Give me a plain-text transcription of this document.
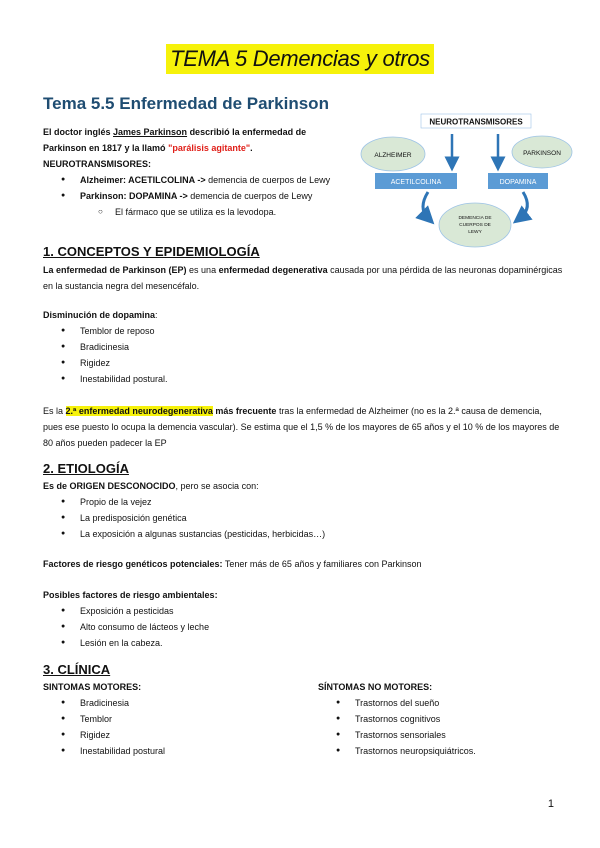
TEMA 5 Demencias y otros
Tema 5.5 Enfermedad de Parkinson
El doctor inglés James Parkinson describió la enfermedad de Parkinson en 1817 y la llamó "parálisis agitante".
NEUROTRANSMISORES:
● Alzheimer: ACETILCOLINA -> demencia de cuerpos de Lewy
● Parkinson: DOPAMINA -> demencia de cuerpos de Lewy
○ El fármaco que se utiliza es la levodopa.
NEUROTRANSMISORES
ALZHEIMER	PARKINSON
ACETILCOLINA	DOPAMINA
DEMENCIA DE
CUERPOS DE
LEWY
1. CONCEPTOS Y EPIDEMIOLOGÍA
La enfermedad de Parkinson (EP) es una enfermedad degenerativa causada por una pérdida de las neuronas dopaminérgicas en la sustancia negra del mesencéfalo.
Disminución de dopamina:
● Temblor de reposo
● Bradicinesia
● Rigidez
● Inestabilidad postural.
Es la 2.ª enfermedad neurodegenerativa más frecuente tras la enfermedad de Alzheimer (no es la 2.ª causa de demencia, pues ese puesto lo ocupa la demencia vascular). Se estima que el 1,5 % de los mayores de 65 años y el 10 % de los mayores de 80 años pueden padecer la EP
2. ETIOLOGÍA
Es de ORIGEN DESCONOCIDO, pero se asocia con:
● Propio de la vejez
● La predisposición genética
● La exposición a algunas sustancias (pesticidas, herbicidas…)
Factores de riesgo genéticos potenciales: Tener más de 65 años y familiares con Parkinson
Posibles factores de riesgo ambientales:
● Exposición a pesticidas
● Alto consumo de lácteos y leche
● Lesión en la cabeza.
3. CLÍNICA
SINTOMAS MOTORES:
● Bradicinesia
● Temblor
● Rigidez
● Inestabilidad postural
SÍNTOMAS NO MOTORES:
● Trastornos del sueño
● Trastornos cognitivos
● Trastornos sensoriales
● Trastornos neuropsiquiátricos.
1
